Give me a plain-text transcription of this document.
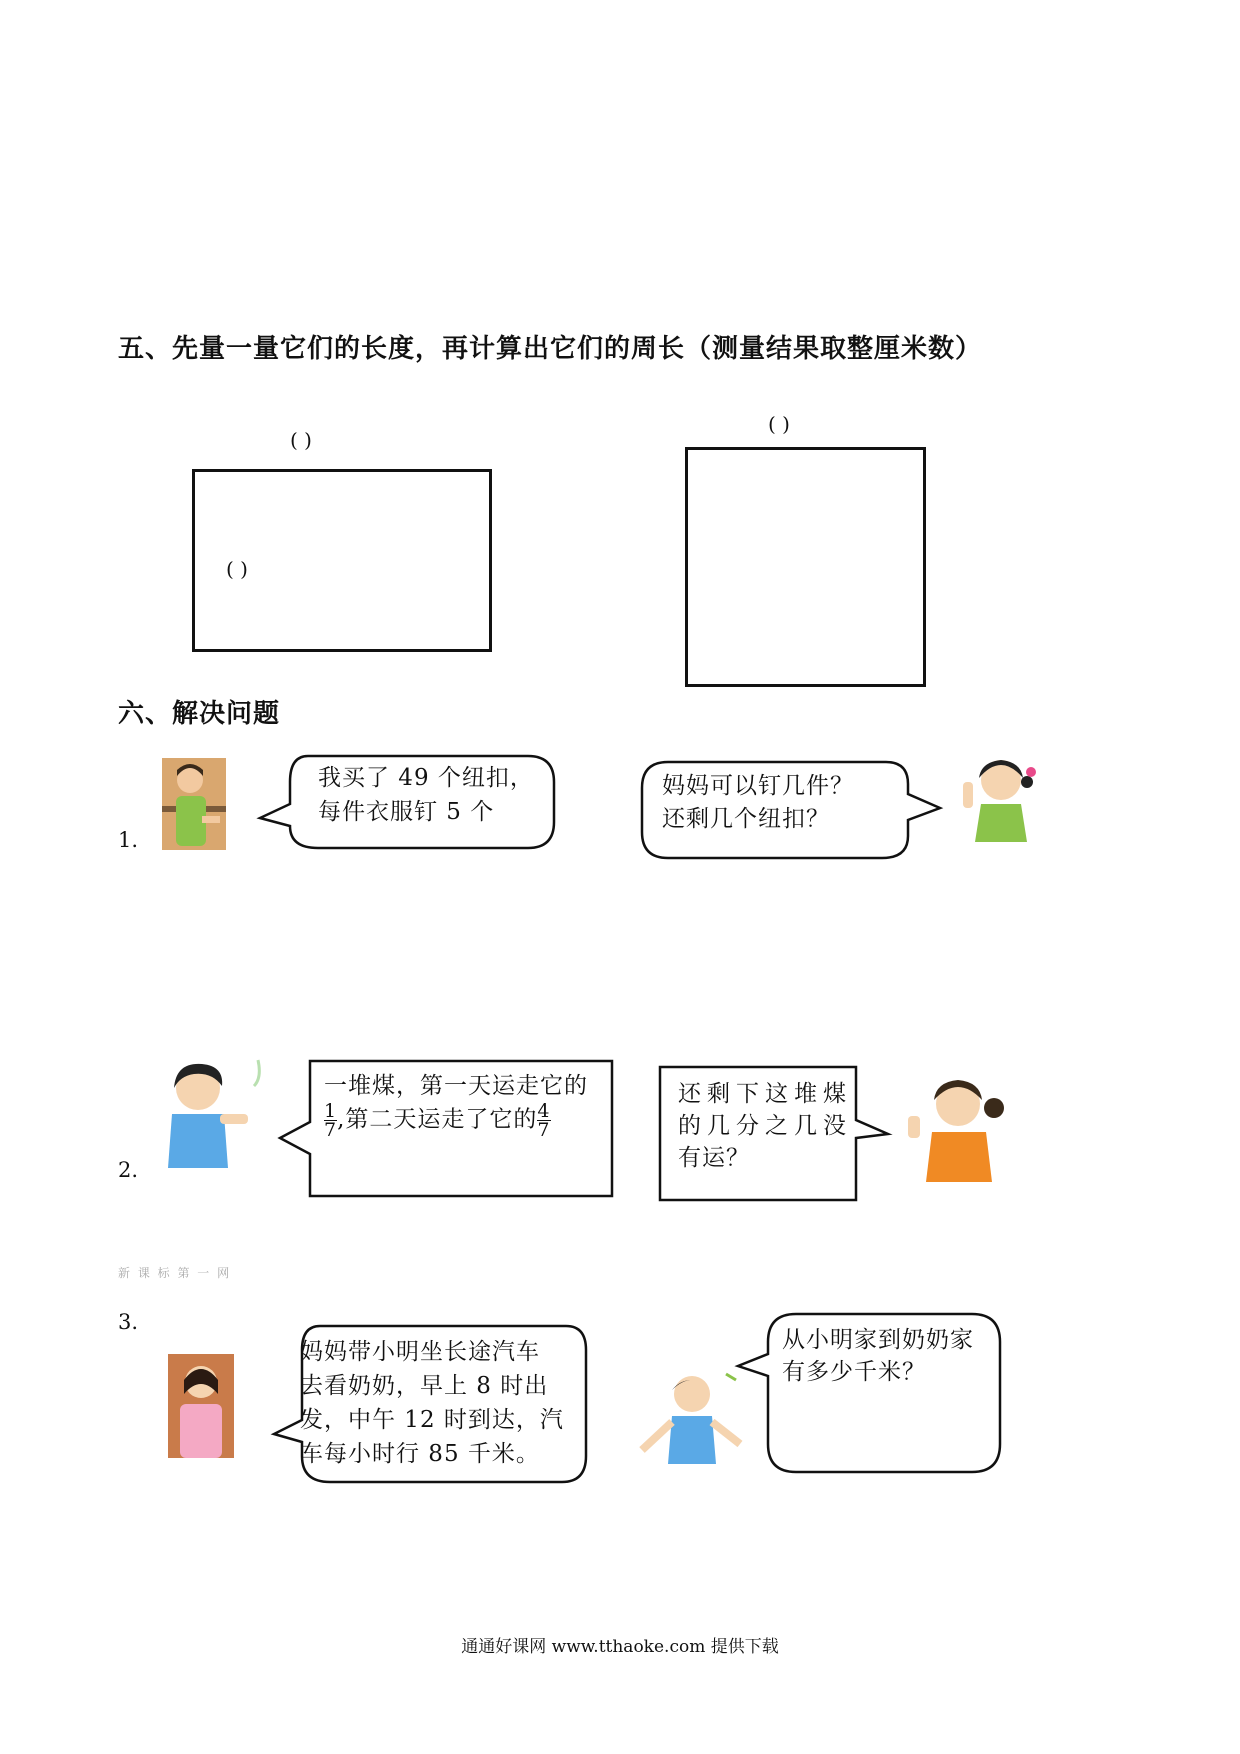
五、先量一量它们的长度，再计算出它们的周长（测量结果取整厘米数）
( )
( )
( )
六、解决问题
1.
我买了 49 个纽扣，
每件衣服钉 5 个
妈妈可以钉几件？
还剩几个纽扣？
2.
一堆煤，第一天运走它的
$\frac{1}{7}$ ,第二天运走了它的$\frac{4}{7}$
还剩下这堆煤
的几分之几没
有运？
新 课 标 第 一 网
3.
妈妈带小明坐长途汽车
去看奶奶，早上 8 时出
发，中午 12 时到达，汽
车每小时行 85 千米。
从小明家到奶奶家
有多少千米？
通通好课网 www.tthaoke.com 提供下载
